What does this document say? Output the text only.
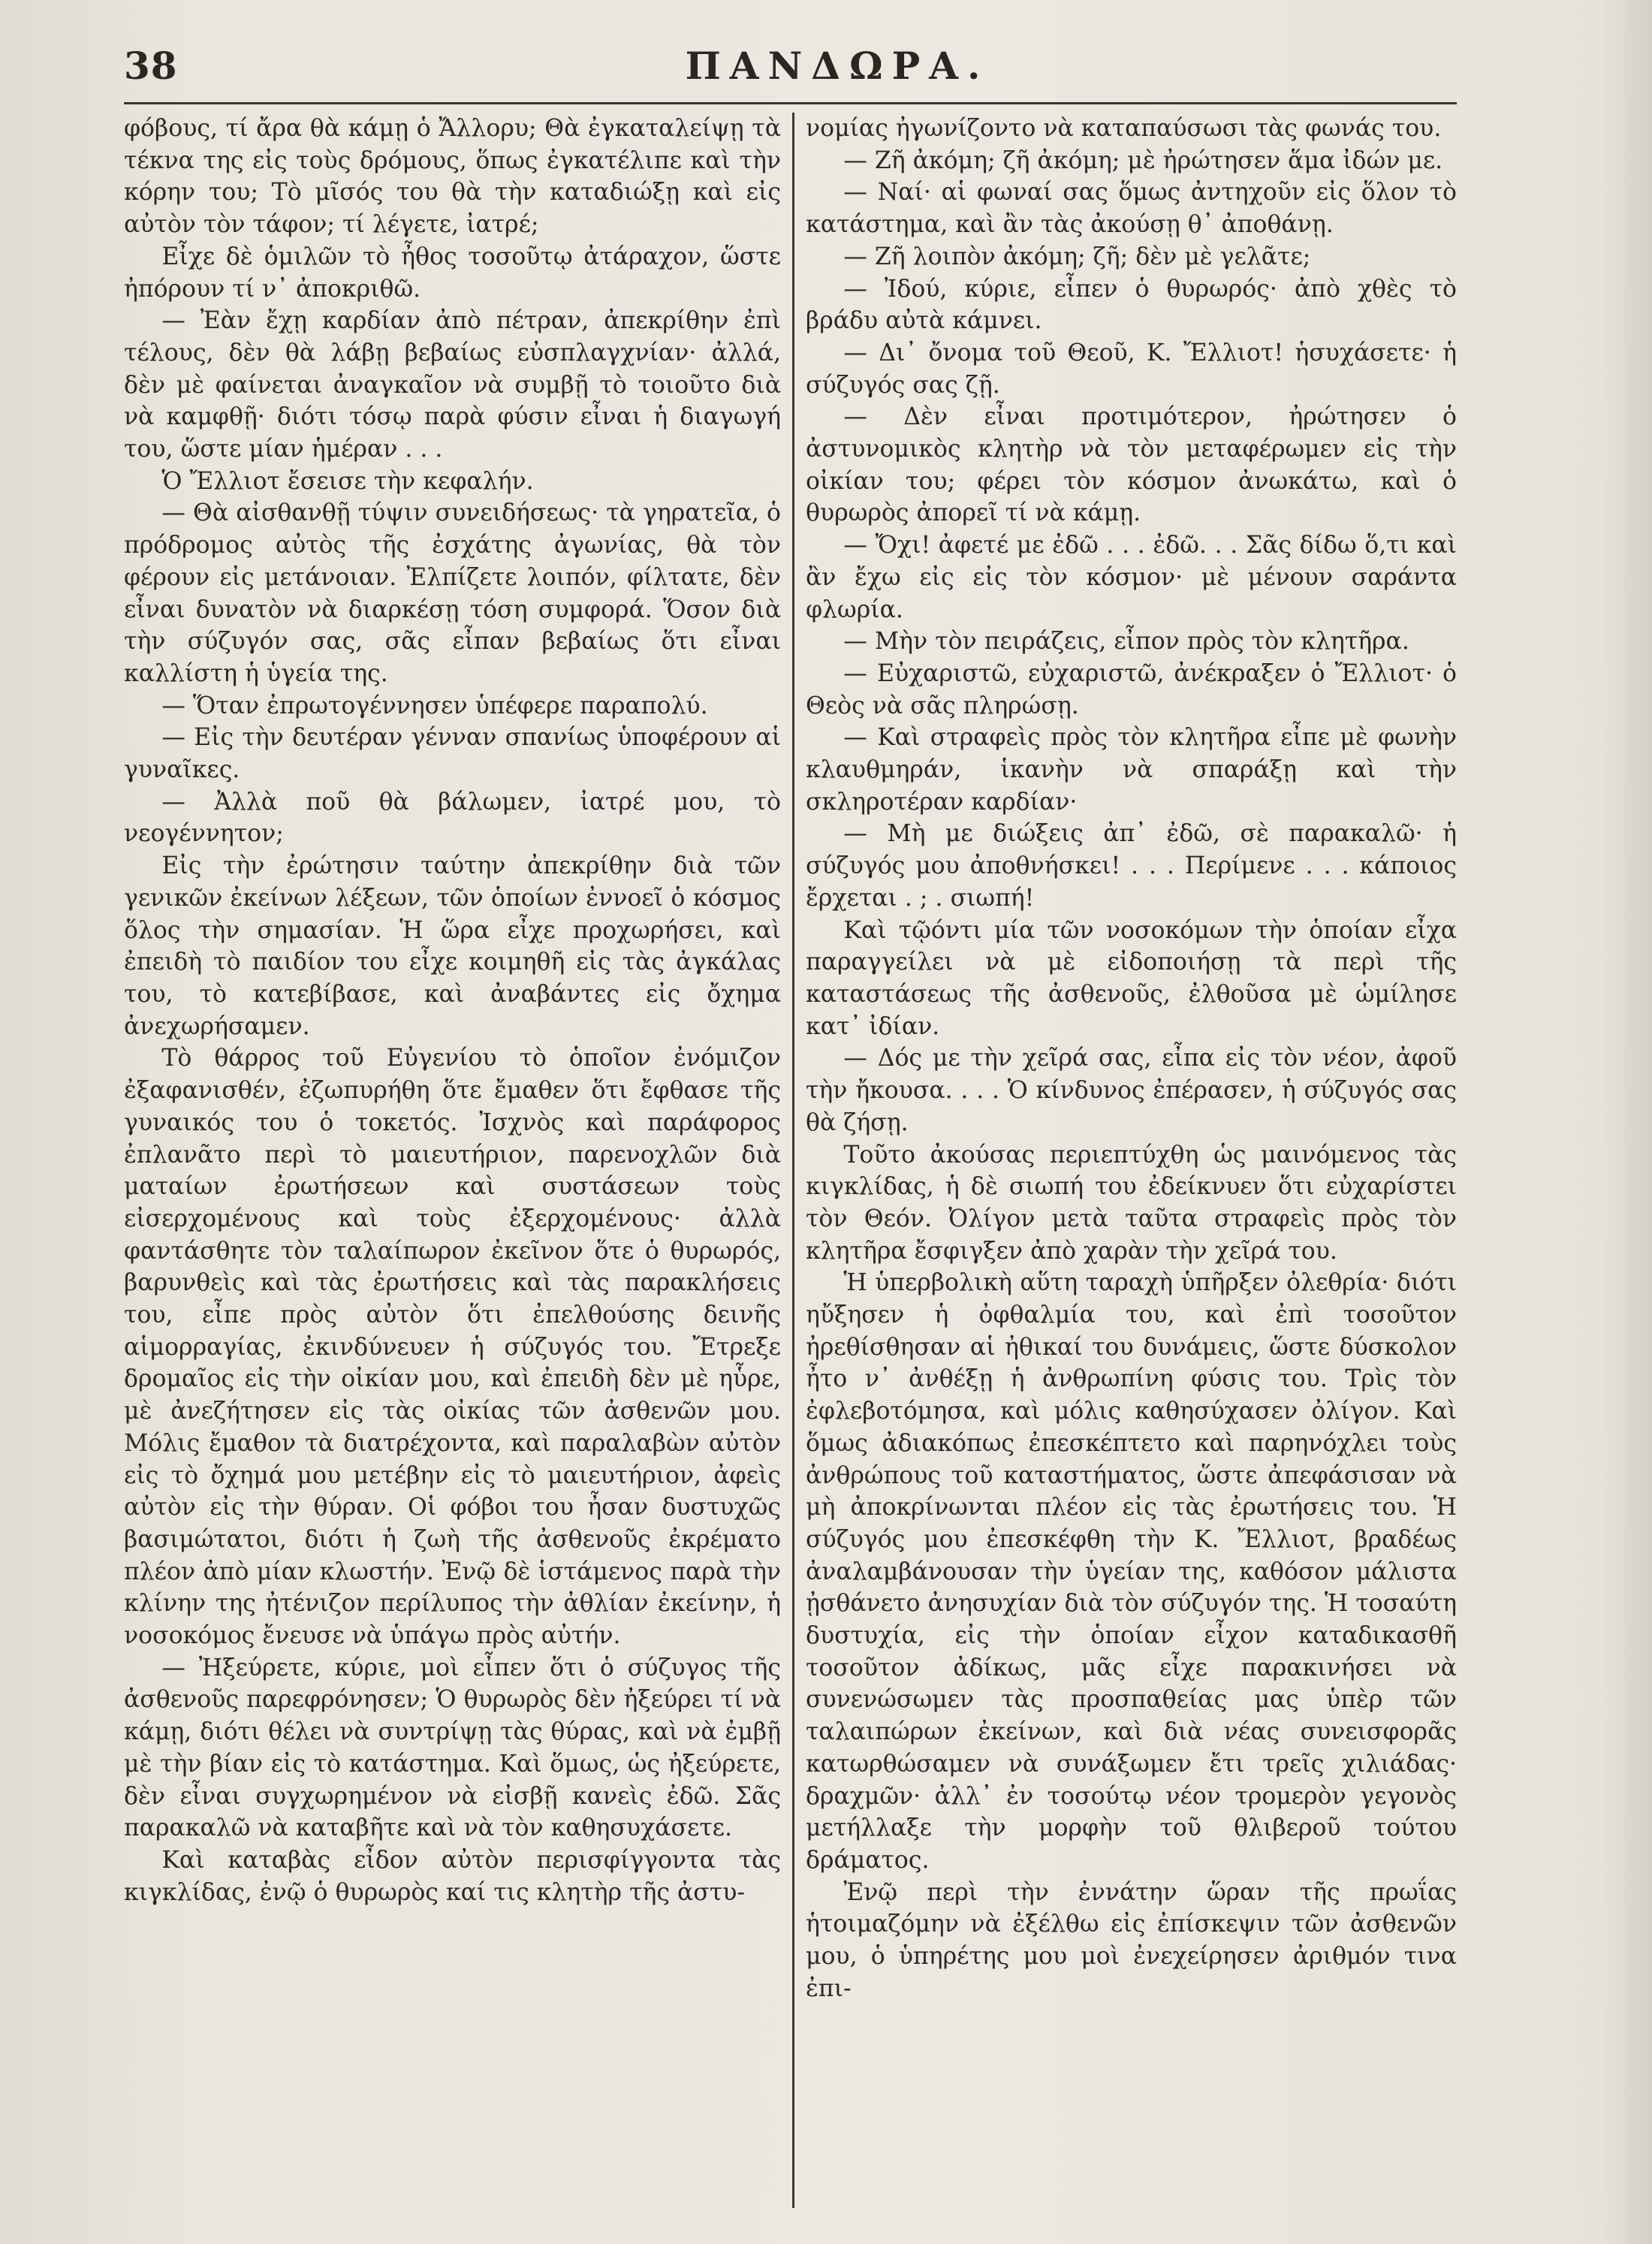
38	ΠΑΝΔΩΡΑ.

φόβους, τί ἄρα θὰ κάμῃ ὁ Ἄλλορυ; Θὰ ἐγκαταλείψῃ τὰ τέκνα της εἰς τοὺς δρόμους, ὅπως ἐγκατέλιπε καὶ τὴν κόρην του; Τὸ μῖσός του θὰ τὴν καταδιώξῃ καὶ εἰς αὐτὸν τὸν τάφον; τί λέγετε, ἰατρέ;

Εἶχε δὲ ὁμιλῶν τὸ ἦθος τοσοῦτῳ ἀτάραχον, ὥστε ἠπόρουν τί ν᾽ ἀποκριθῶ.

— Ἐὰν ἔχῃ καρδίαν ἀπὸ πέτραν, ἀπεκρίθην ἐπὶ τέλους, δὲν θὰ λάβῃ βεβαίως εὐσπλαγχνίαν· ἀλλά, δὲν μὲ φαίνεται ἀναγκαῖον νὰ συμβῇ τὸ τοιοῦτο διὰ νὰ καμφθῇ· διότι τόσῳ παρὰ φύσιν εἶναι ἡ διαγωγή του, ὥστε μίαν ἡμέραν . . .

Ὁ Ἔλλιοτ ἔσεισε τὴν κεφαλήν.

— Θὰ αἰσθανθῇ τύψιν συνειδήσεως· τὰ γηρατεῖα, ὁ πρόδρομος αὐτὸς τῆς ἐσχάτης ἀγωνίας, θὰ τὸν φέρουν εἰς μετάνοιαν. Ἐλπίζετε λοιπόν, φίλτατε, δὲν εἶναι δυνατὸν νὰ διαρκέσῃ τόση συμφορά. Ὅσον διὰ τὴν σύζυγόν σας, σᾶς εἶπαν βεβαίως ὅτι εἶναι καλλίστη ἡ ὑγεία της.

— Ὅταν ἐπρωτογέννησεν ὑπέφερε παραπολύ.

— Εἰς τὴν δευτέραν γένναν σπανίως ὑποφέρουν αἱ γυναῖκες.

— Ἀλλὰ ποῦ θὰ βάλωμεν, ἰατρέ μου, τὸ νεογέννητον;

Εἰς τὴν ἐρώτησιν ταύτην ἀπεκρίθην διὰ τῶν γενικῶν ἐκείνων λέξεων, τῶν ὁποίων ἐννοεῖ ὁ κόσμος ὅλος τὴν σημασίαν. Ἡ ὥρα εἶχε προχωρήσει, καὶ ἐπειδὴ τὸ παιδίον του εἶχε κοιμηθῆ εἰς τὰς ἀγκάλας του, τὸ κατεβίβασε, καὶ ἀναβάντες εἰς ὄχημα ἀνεχωρήσαμεν.

Τὸ θάρρος τοῦ Εὐγενίου τὸ ὁποῖον ἐνόμιζον ἐξαφανισθέν, ἐζωπυρήθη ὅτε ἔμαθεν ὅτι ἔφθασε τῆς γυναικός του ὁ τοκετός. Ἰσχνὸς καὶ παράφορος ἐπλανᾶτο περὶ τὸ μαιευτήριον, παρενοχλῶν διὰ ματαίων ἐρωτήσεων καὶ συστάσεων τοὺς εἰσερχομένους καὶ τοὺς ἐξερχομένους· ἀλλὰ φαντάσθητε τὸν ταλαίπωρον ἐκεῖνον ὅτε ὁ θυρωρός, βαρυνθεὶς καὶ τὰς ἐρωτήσεις καὶ τὰς παρακλήσεις του, εἶπε πρὸς αὐτὸν ὅτι ἐπελθούσης δεινῆς αἱμορραγίας, ἐκινδύνευεν ἡ σύζυγός του. Ἔτρεξε δρομαῖος εἰς τὴν οἰκίαν μου, καὶ ἐπειδὴ δὲν μὲ ηὗρε, μὲ ἀνεζήτησεν εἰς τὰς οἰκίας τῶν ἀσθενῶν μου. Μόλις ἔμαθον τὰ διατρέχοντα, καὶ παραλαβὼν αὐτὸν εἰς τὸ ὄχημά μου μετέβην εἰς τὸ μαιευτήριον, ἀφεὶς αὐτὸν εἰς τὴν θύραν. Οἱ φόβοι του ἦσαν δυστυχῶς βασιμώτατοι, διότι ἡ ζωὴ τῆς ἀσθενοῦς ἐκρέματο πλέον ἀπὸ μίαν κλωστήν. Ἐνῷ δὲ ἱστάμενος παρὰ τὴν κλίνην της ἠτένιζον περίλυπος τὴν ἀθλίαν ἐκείνην, ἡ νοσοκόμος ἔνευσε νὰ ὑπάγω πρὸς αὐτήν.

— Ἠξεύρετε, κύριε, μοὶ εἶπεν ὅτι ὁ σύζυγος τῆς ἀσθενοῦς παρεφρόνησεν; Ὁ θυρωρὸς δὲν ἠξεύρει τί νὰ κάμῃ, διότι θέλει νὰ συντρίψῃ τὰς θύρας, καὶ νὰ ἐμβῇ μὲ τὴν βίαν εἰς τὸ κατάστημα. Καὶ ὅμως, ὡς ἠξεύρετε, δὲν εἶναι συγχωρημένον νὰ εἰσβῇ κανεὶς ἐδῶ. Σᾶς παρακαλῶ νὰ καταβῆτε καὶ νὰ τὸν καθησυχάσετε.

Καὶ καταβὰς εἶδον αὐτὸν περισφίγγοντα τὰς κιγκλίδας, ἐνῷ ὁ θυρωρὸς καί τις κλητὴρ τῆς ἀστυ-

νομίας ἠγωνίζοντο νὰ καταπαύσωσι τὰς φωνάς του.

— Ζῆ ἀκόμη; ζῆ ἀκόμη; μὲ ἠρώτησεν ἅμα ἰδών με.

— Ναί· αἱ φωναί σας ὅμως ἀντηχοῦν εἰς ὅλον τὸ κατάστημα, καὶ ἂν τὰς ἀκούσῃ θ᾽ ἀποθάνῃ.

— Ζῆ λοιπὸν ἀκόμη; ζῆ; δὲν μὲ γελᾶτε;

— Ἰδού, κύριε, εἶπεν ὁ θυρωρός· ἀπὸ χθὲς τὸ βράδυ αὐτὰ κάμνει.

— Δι᾽ ὄνομα τοῦ Θεοῦ, Κ. Ἔλλιοτ! ἡσυχάσετε· ἡ σύζυγός σας ζῇ.

— Δὲν εἶναι προτιμότερον, ἠρώτησεν ὁ ἀστυνομικὸς κλητὴρ νὰ τὸν μεταφέρωμεν εἰς τὴν οἰκίαν του; φέρει τὸν κόσμον ἀνωκάτω, καὶ ὁ θυρωρὸς ἀπορεῖ τί νὰ κάμῃ.

— Ὄχι! ἀφετέ με ἐδῶ . . . ἐδῶ. . . Σᾶς δίδω ὅ,τι καὶ ἂν ἔχω εἰς εἰς τὸν κόσμον· μὲ μένουν σαράντα φλωρία.

— Μὴν τὸν πειράζεις, εἶπον πρὸς τὸν κλητῆρα.

— Εὐχαριστῶ, εὐχαριστῶ, ἀνέκραξεν ὁ Ἔλλιοτ· ὁ Θεὸς νὰ σᾶς πληρώσῃ.

— Καὶ στραφεὶς πρὸς τὸν κλητῆρα εἶπε μὲ φωνὴν κλαυθμηράν, ἱκανὴν νὰ σπαράξῃ καὶ τὴν σκληροτέραν καρδίαν·

— Μὴ με διώξεις ἀπ᾽ ἐδῶ, σὲ παρακαλῶ· ἡ σύζυγός μου ἀποθνήσκει! . . . Περίμενε . . . κάποιος ἔρχεται . ; . σιωπή!

Καὶ τῷόντι μία τῶν νοσοκόμων τὴν ὁποίαν εἶχα παραγγείλει νὰ μὲ εἰδοποιήσῃ τὰ περὶ τῆς καταστάσεως τῆς ἀσθενοῦς, ἐλθοῦσα μὲ ὡμίλησε κατ᾽ ἰδίαν.

— Δός με τὴν χεῖρά σας, εἶπα εἰς τὸν νέον, ἀφοῦ τὴν ἤκουσα. . . . Ὁ κίνδυνος ἐπέρασεν, ἡ σύζυγός σας θὰ ζήσῃ.

Τοῦτο ἀκούσας περιεπτύχθη ὡς μαινόμενος τὰς κιγκλίδας, ἡ δὲ σιωπή του ἐδείκνυεν ὅτι εὐχαρίστει τὸν Θεόν. Ὀλίγον μετὰ ταῦτα στραφεὶς πρὸς τὸν κλητῆρα ἔσφιγξεν ἀπὸ χαρὰν τὴν χεῖρά του.

Ἡ ὑπερβολικὴ αὕτη ταραχὴ ὑπῆρξεν ὀλεθρία· διότι ηὔξησεν ἡ ὀφθαλμία του, καὶ ἐπὶ τοσοῦτον ἠρεθίσθησαν αἱ ἠθικαί του δυνάμεις, ὥστε δύσκολον ἦτο ν᾽ ἀνθέξῃ ἡ ἀνθρωπίνη φύσις του. Τρὶς τὸν ἐφλεβοτόμησα, καὶ μόλις καθησύχασεν ὀλίγον. Καὶ ὅμως ἀδιακόπως ἐπεσκέπτετο καὶ παρηνόχλει τοὺς ἀνθρώπους τοῦ καταστήματος, ὥστε ἀπεφάσισαν νὰ μὴ ἀποκρίνωνται πλέον εἰς τὰς ἐρωτήσεις του. Ἡ σύζυγός μου ἐπεσκέφθη τὴν Κ. Ἔλλιοτ, βραδέως ἀναλαμβάνουσαν τὴν ὑγείαν της, καθόσον μάλιστα ᾐσθάνετο ἀνησυχίαν διὰ τὸν σύζυγόν της. Ἡ τοσαύτη δυστυχία, εἰς τὴν ὁποίαν εἶχον καταδικασθῆ τοσοῦτον ἀδίκως, μᾶς εἶχε παρακινήσει νὰ συνενώσωμεν τὰς προσπαθείας μας ὑπὲρ τῶν ταλαιπώρων ἐκείνων, καὶ διὰ νέας συνεισφορᾶς κατωρθώσαμεν νὰ συνάξωμεν ἔτι τρεῖς χιλιάδας· δραχμῶν· ἀλλ᾽ ἐν τοσούτῳ νέον τρομερὸν γεγονὸς μετήλλαξε τὴν μορφὴν τοῦ θλιβεροῦ τούτου δράματος.

Ἐνῷ περὶ τὴν ἐννάτην ὥραν τῆς πρωΐας ἡτοιμαζόμην νὰ ἐξέλθω εἰς ἐπίσκεψιν τῶν ἀσθενῶν μου, ὁ ὑπηρέτης μου μοὶ ἐνεχείρησεν ἀριθμόν τινα ἐπι-
